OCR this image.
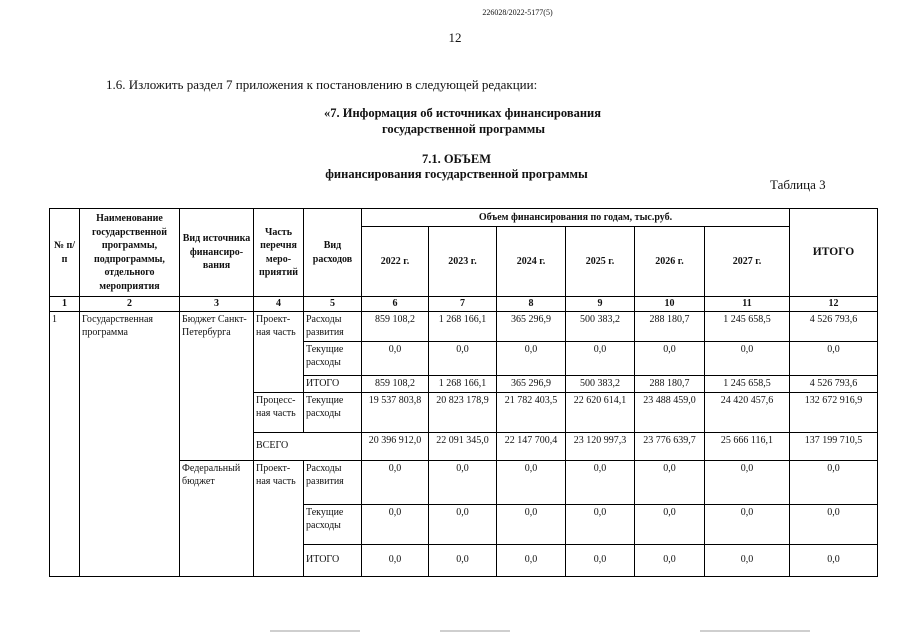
226028/2022-5177(5)
12
1.6. Изложить раздел 7 приложения к постановлению в следующей редакции:
«7. Информация об источниках финансирования
государственной программы
7.1. ОБЪЕМ
финансирования государственной программы
Таблица 3
№ п/п	Наименование государственной программы, подпрограммы, отдельного мероприятия	Вид источника финансиро-вания	Часть перечня меро-приятий	Вид расходов	Объем финансирования по годам, тыс.руб.						ИТОГО
					2022 г.	2023 г.	2024 г.	2025 г.	2026 г.	2027 г.	
1	2	3	4	5	6	7	8	9	10	11	12
1	Государственная программа	Бюджет Санкт-Петербурга	Проект-ная часть	Расходы развития	859 108,2	1 268 166,1	365 296,9	500 383,2	288 180,7	1 245 658,5	4 526 793,6
				Текущие расходы	0,0	0,0	0,0	0,0	0,0	0,0	0,0
				ИТОГО	859 108,2	1 268 166,1	365 296,9	500 383,2	288 180,7	1 245 658,5	4 526 793,6
			Процесс-ная часть	Текущие расходы	19 537 803,8	20 823 178,9	21 782 403,5	22 620 614,1	23 488 459,0	24 420 457,6	132 672 916,9
			ВСЕГО		20 396 912,0	22 091 345,0	22 147 700,4	23 120 997,3	23 776 639,7	25 666 116,1	137 199 710,5
		Федеральный бюджет	Проект-ная часть	Расходы развития	0,0	0,0	0,0	0,0	0,0	0,0	0,0
				Текущие расходы	0,0	0,0	0,0	0,0	0,0	0,0	0,0
				ИТОГО	0,0	0,0	0,0	0,0	0,0	0,0	0,0
